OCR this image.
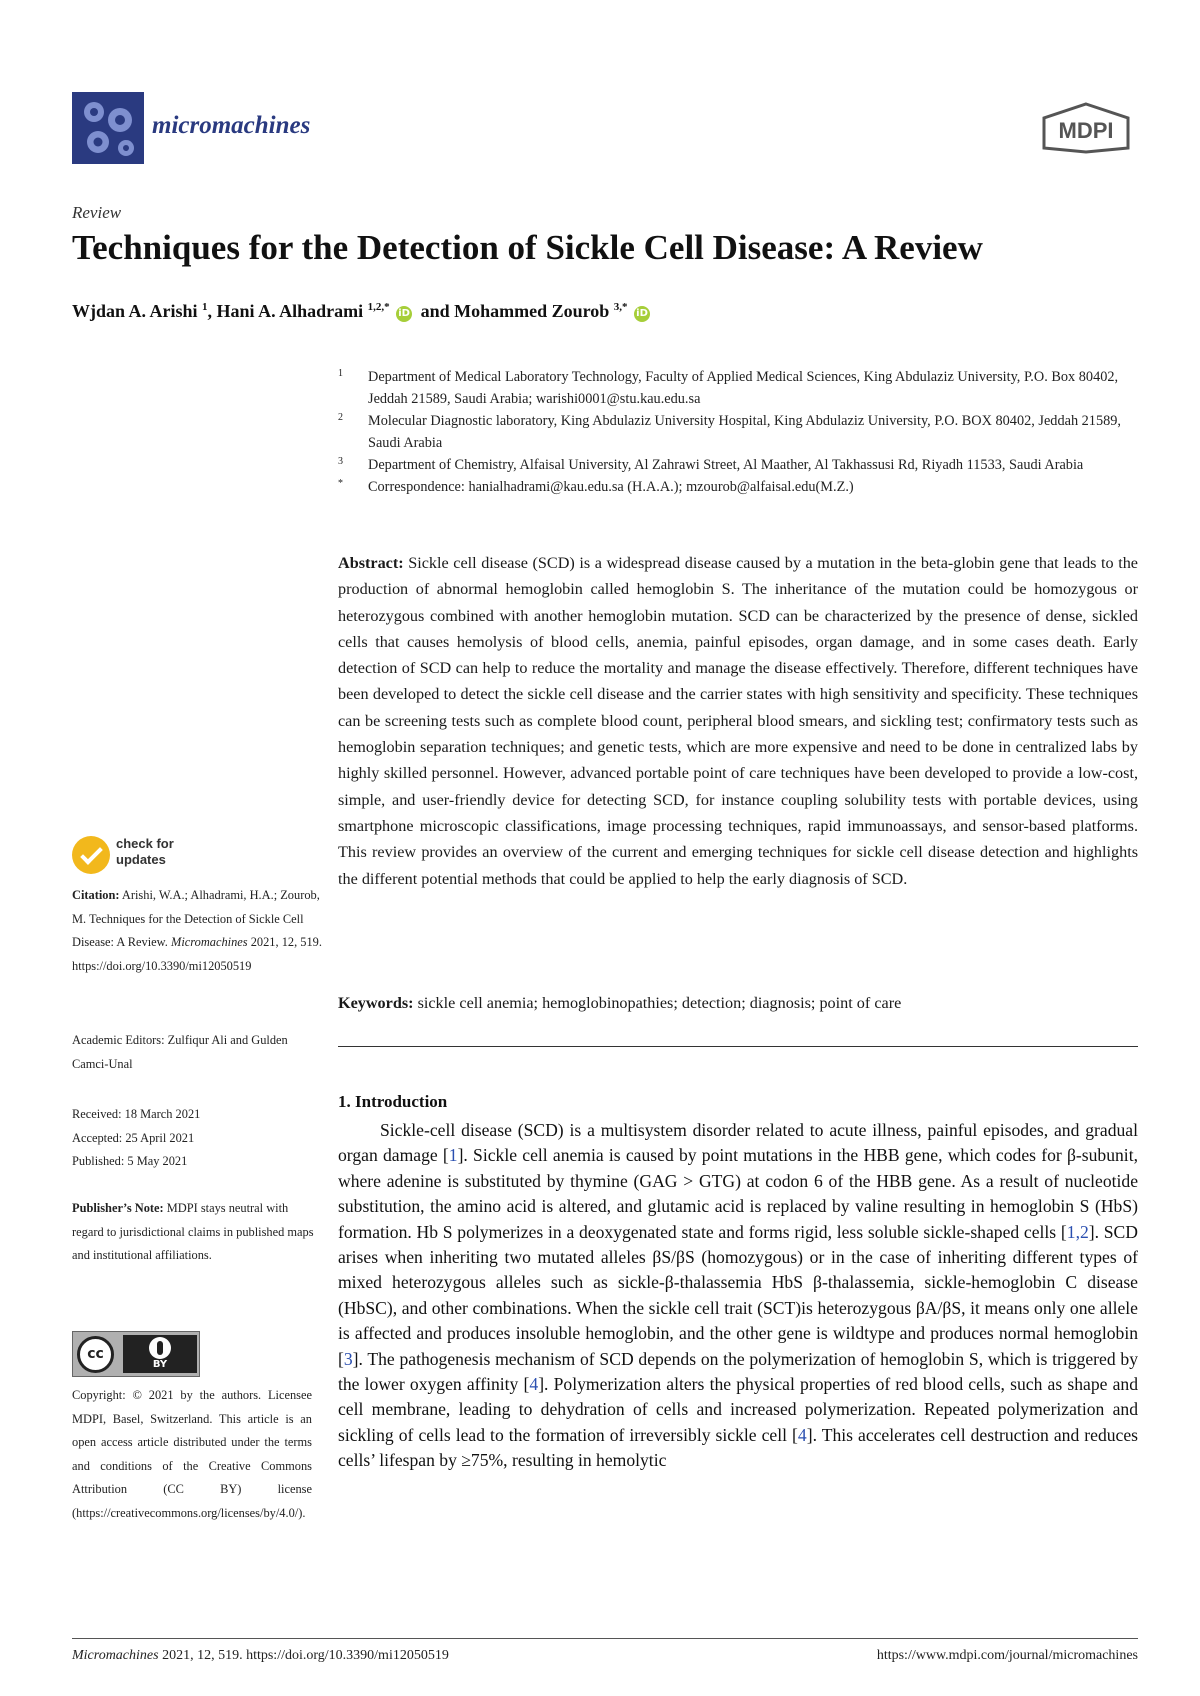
micromachines	MDPI
Review
Techniques for the Detection of Sickle Cell Disease: A Review
Wjdan A. Arishi $^1$, Hani A. Alhadrami $^{1,2,*}$ iD and Mohammed Zourob $^{3,*}$ iD
1 Department of Medical Laboratory Technology, Faculty of Applied Medical Sciences, King Abdulaziz University, P.O. Box 80402, Jeddah 21589, Saudi Arabia; warishi0001@stu.kau.edu.sa
2 Molecular Diagnostic laboratory, King Abdulaziz University Hospital, King Abdulaziz University, P.O. BOX 80402, Jeddah 21589, Saudi Arabia
3 Department of Chemistry, Alfaisal University, Al Zahrawi Street, Al Maather, Al Takhassusi Rd, Riyadh 11533, Saudi Arabia
* Correspondence: hanialhadrami@kau.edu.sa (H.A.A.); mzourob@alfaisal.edu(M.Z.)
Abstract: Sickle cell disease (SCD) is a widespread disease caused by a mutation in the beta-globin gene that leads to the production of abnormal hemoglobin called hemoglobin S. The inheritance of the mutation could be homozygous or heterozygous combined with another hemoglobin mutation. SCD can be characterized by the presence of dense, sickled cells that causes hemolysis of blood cells, anemia, painful episodes, organ damage, and in some cases death. Early detection of SCD can help to reduce the mortality and manage the disease effectively. Therefore, different techniques have been developed to detect the sickle cell disease and the carrier states with high sensitivity and specificity. These techniques can be screening tests such as complete blood count, peripheral blood smears, and sickling test; confirmatory tests such as hemoglobin separation techniques; and genetic tests, which are more expensive and need to be done in centralized labs by highly skilled personnel. However, advanced portable point of care techniques have been developed to provide a low-cost, simple, and user-friendly device for detecting SCD, for instance coupling solubility tests with portable devices, using smartphone microscopic classifications, image processing techniques, rapid immunoassays, and sensor-based platforms. This review provides an overview of the current and emerging techniques for sickle cell disease detection and highlights the different potential methods that could be applied to help the early diagnosis of SCD.
Keywords: sickle cell anemia; hemoglobinopathies; detection; diagnosis; point of care
1. Introduction
Sickle-cell disease (SCD) is a multisystem disorder related to acute illness, painful episodes, and gradual organ damage [1]. Sickle cell anemia is caused by point mutations in the HBB gene, which codes for β-subunit, where adenine is substituted by thymine (GAG > GTG) at codon 6 of the HBB gene. As a result of nucleotide substitution, the amino acid is altered, and glutamic acid is replaced by valine resulting in hemoglobin S (HbS) formation. Hb S polymerizes in a deoxygenated state and forms rigid, less soluble sickle-shaped cells [1,2]. SCD arises when inheriting two mutated alleles βS/βS (homozygous) or in the case of inheriting different types of mixed heterozygous alleles such as sickle-β-thalassemia HbS β-thalassemia, sickle-hemoglobin C disease (HbSC), and other combinations. When the sickle cell trait (SCT)is heterozygous βA/βS, it means only one allele is affected and produces insoluble hemoglobin, and the other gene is wildtype and produces normal hemoglobin [3]. The pathogenesis mechanism of SCD depends on the polymerization of hemoglobin S, which is triggered by the lower oxygen affinity [4]. Polymerization alters the physical properties of red blood cells, such as shape and cell membrane, leading to dehydration of cells and increased polymerization. Repeated polymerization and sickling of cells lead to the formation of irreversibly sickle cell [4]. This accelerates cell destruction and reduces cells’ lifespan by ≥75%, resulting in hemolytic
check for
updates
Citation: Arishi, W.A.; Alhadrami, H.A.; Zourob, M. Techniques for the Detection of Sickle Cell Disease: A Review. Micromachines 2021, 12, 519. https://doi.org/10.3390/mi12050519
Academic Editors: Zulfiqur Ali and Gulden Camci-Unal
Received: 18 March 2021
Accepted: 25 April 2021
Published: 5 May 2021
Publisher’s Note: MDPI stays neutral with regard to jurisdictional claims in published maps and institutional affiliations.
cc
BY
Copyright: © 2021 by the authors. Licensee MDPI, Basel, Switzerland. This article is an open access article distributed under the terms and conditions of the Creative Commons Attribution (CC BY) license (https://creativecommons.org/licenses/by/4.0/).
Micromachines 2021, 12, 519. https://doi.org/10.3390/mi12050519	https://www.mdpi.com/journal/micromachines
